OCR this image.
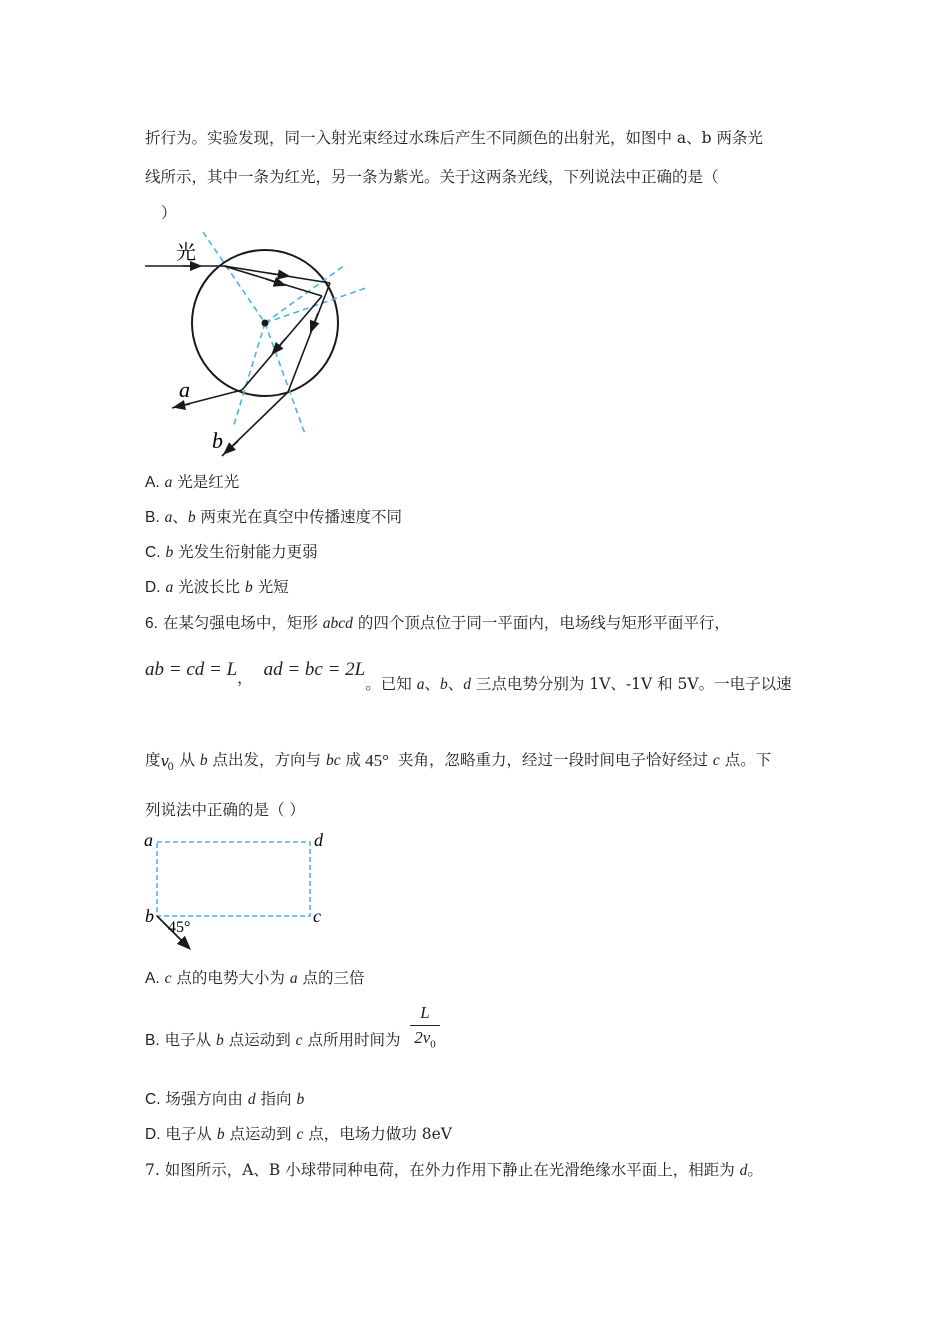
折行为。实验发现，同一入射光束经过水珠后产生不同颜色的出射光，如图中 a、b 两条光
线所示，其中一条为红光，另一条为紫光。关于这两条光线，下列说法中正确的是（
）
光
a
b
A. a 光是红光
B. a、b 两束光在真空中传播速度不同
C. b 光发生衍射能力更弱
D. a 光波长比 b 光短
6. 在某匀强电场中，矩形 abcd 的四个顶点位于同一平面内，电场线与矩形平面平行，
ab = cd = L， ad = bc = 2L。已知 a、b、d 三点电势分别为 1V、-1V 和 5V。一电子以速
度 v
0 从 b 点出发，方向与 bc 成 45° 夹角，忽略重力，经过一段时间电子恰好经过 c 点。下
列说法中正确的是（ ）
a	d
b	c
45°
A. c 点的电势大小为 a 点的三倍
B. 电子从 b 点运动到 c 点所用时间为
L
$2v_0$
C. 场强方向由 d 指向 b
D. 电子从 b 点运动到 c 点，电场力做功 8eV
7. 如图所示，A、B 小球带同种电荷，在外力作用下静止在光滑绝缘水平面上，相距为 d。
